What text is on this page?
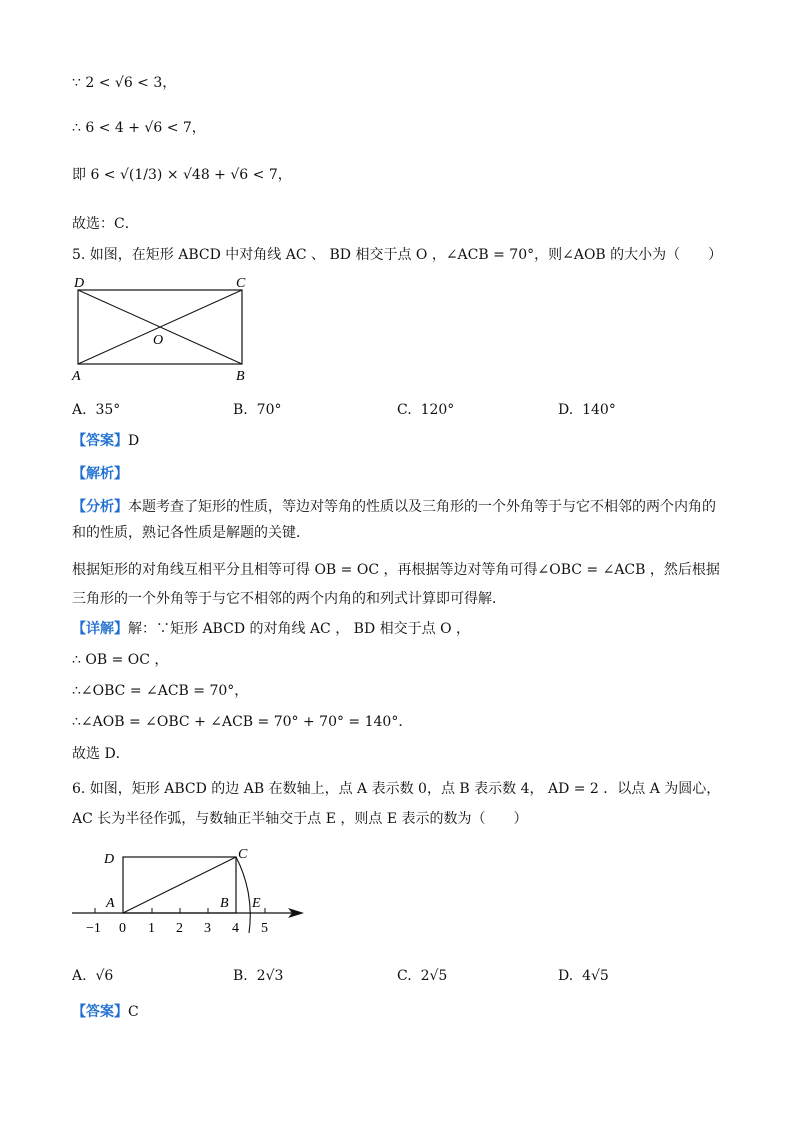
∵ 2 < √6 < 3，
∴ 6 < 4 + √6 < 7，
即 6 < √(1/3) × √48 + √6 < 7，
故选：C．
5. 如图，在矩形 ABCD 中对角线 AC 、 BD 相交于点 O ，∠ACB = 70°，则∠AOB 的大小为（　　）
D	C
A	B
O
A. 35°	B. 70°	C. 120°	D. 140°
【答案】D
【解析】
【分析】本题考查了矩形的性质，等边对等角的性质以及三角形的一个外角等于与它不相邻的两个内角的和的性质，熟记各性质是解题的关键．
根据矩形的对角线互相平分且相等可得 OB = OC ，再根据等边对等角可得∠OBC = ∠ACB ，然后根据三角形的一个外角等于与它不相邻的两个内角的和列式计算即可得解．
【详解】解：∵矩形 ABCD 的对角线 AC ， BD 相交于点 O ，
∴ OB = OC ，
∴∠OBC = ∠ACB = 70°，
∴∠AOB = ∠OBC + ∠ACB = 70° + 70° = 140°．
故选 D．
6. 如图，矩形 ABCD 的边 AB 在数轴上，点 A 表示数 0，点 B 表示数 4， AD = 2 ．以点 A 为圆心， AC 长为半径作弧，与数轴正半轴交于点 E ，则点 E 表示的数为（　　）
D	C
A	B E
−1 0 1 2 3 4 5
A. √6	B. 2√3	C. 2√5	D. 4√5
【答案】C
